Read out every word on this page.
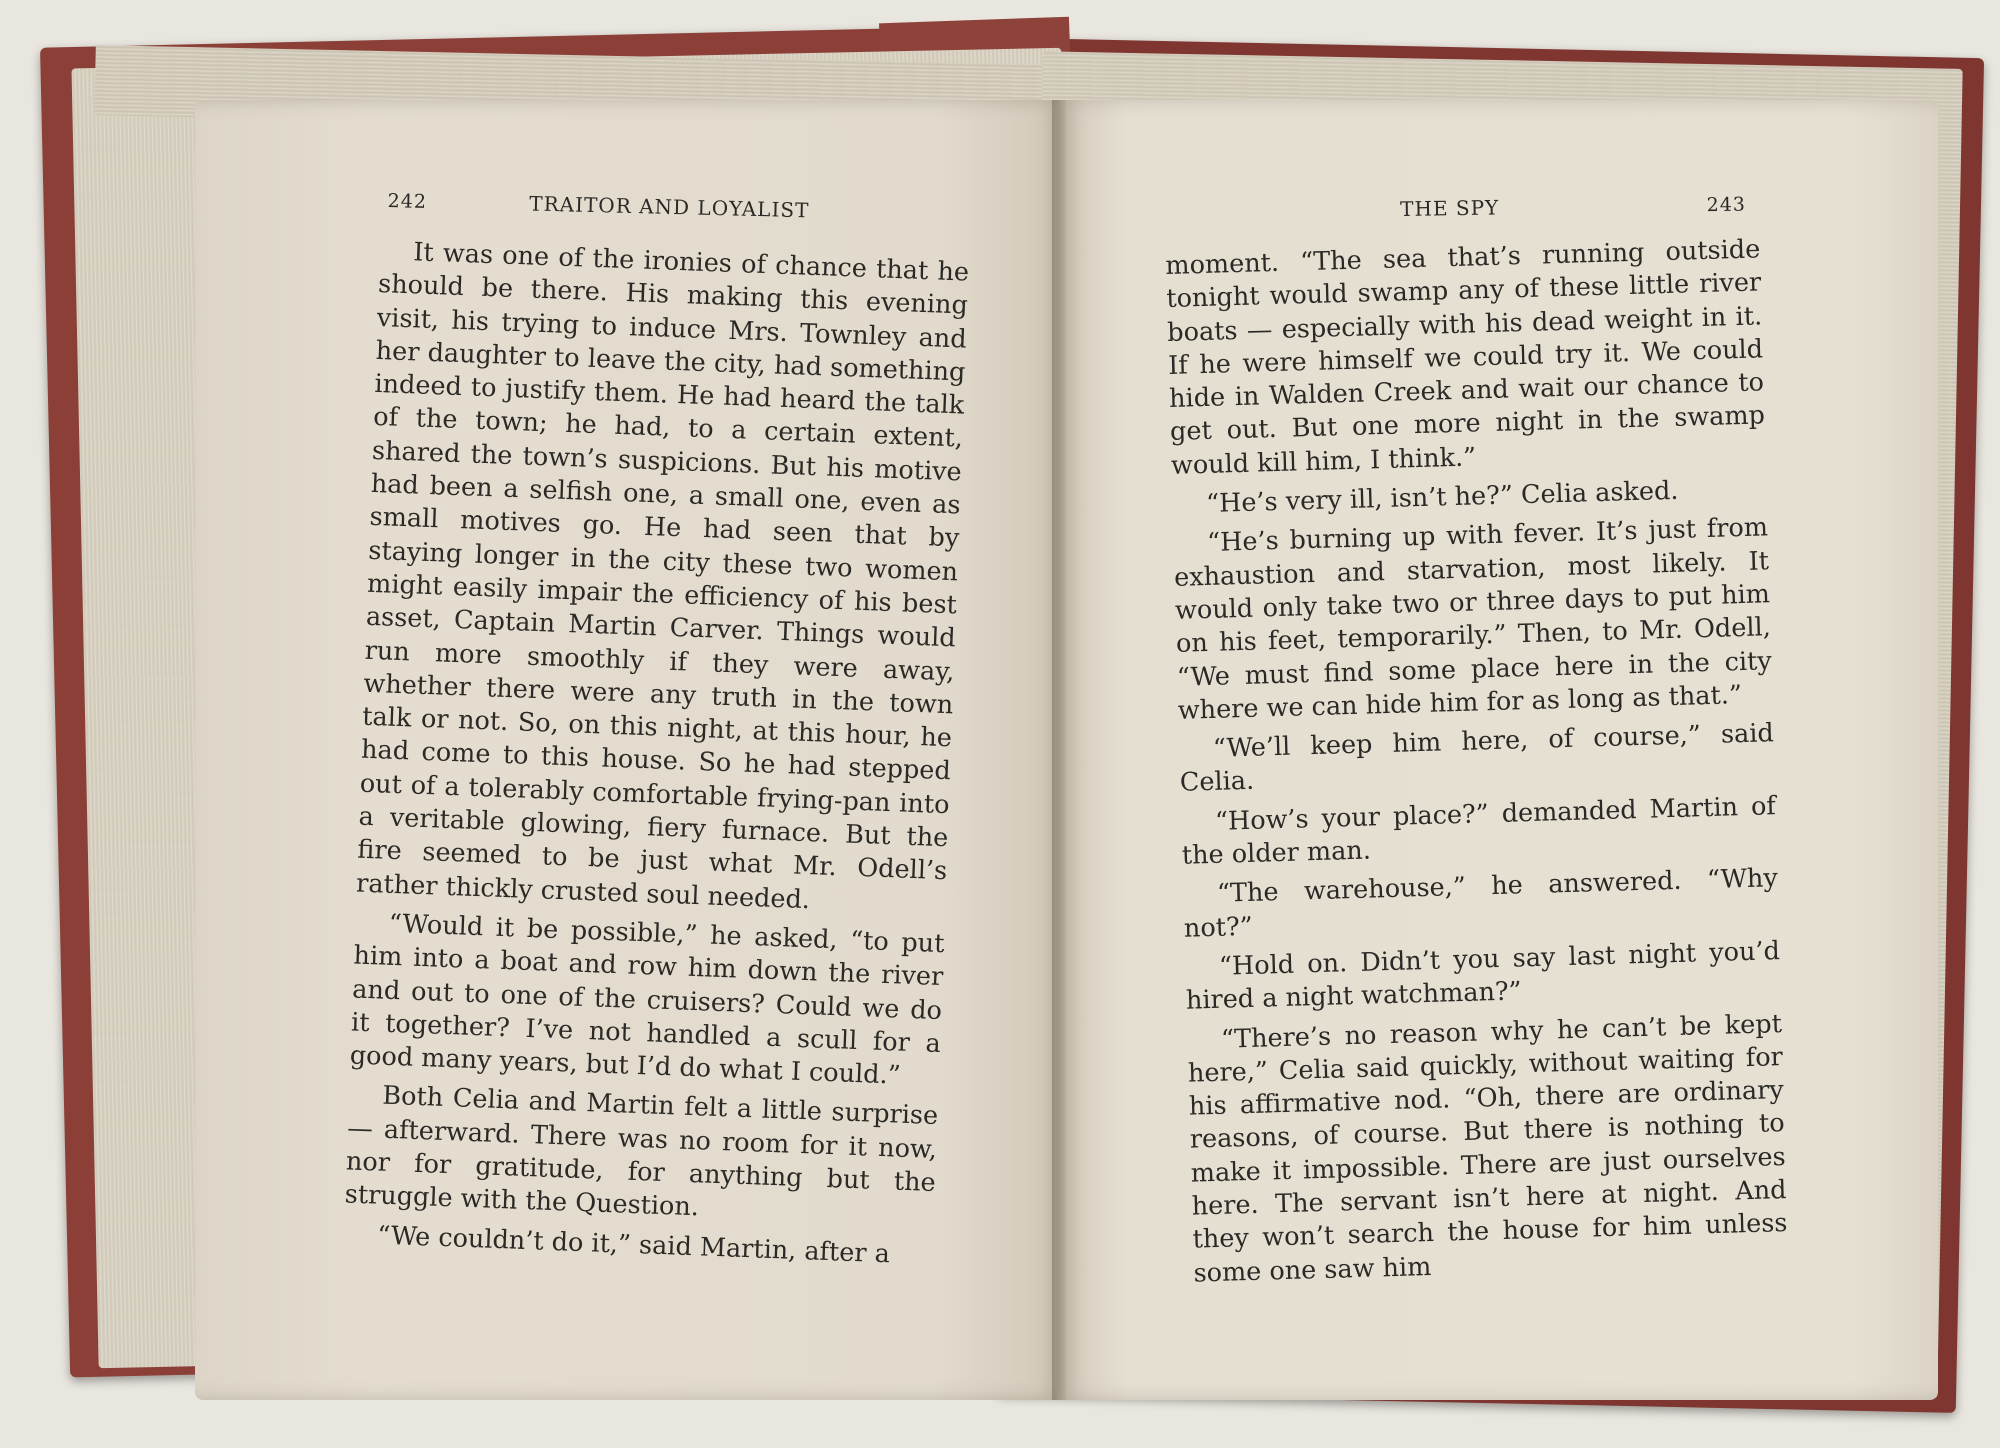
242	TRAITOR AND LOYALIST

It was one of the ironies of chance that he should be there. His making this evening visit, his trying to induce Mrs. Townley and her daughter to leave the city, had something indeed to justify them. He had heard the talk of the town; he had, to a certain extent, shared the town’s suspicions. But his motive had been a selfish one, a small one, even as small motives go. He had seen that by staying longer in the city these two women might easily impair the efficiency of his best asset, Captain Martin Carver. Things would run more smoothly if they were away, whether there were any truth in the town talk or not. So, on this night, at this hour, he had come to this house. So he had stepped out of a tolerably comfortable frying-pan into a veritable glowing, fiery furnace. But the fire seemed to be just what Mr. Odell’s rather thickly crusted soul needed.

“Would it be possible,” he asked, “to put him into a boat and row him down the river and out to one of the cruisers? Could we do it together? I’ve not handled a scull for a good many years, but I’d do what I could.”

Both Celia and Martin felt a little surprise — afterward. There was no room for it now, nor for gratitude, for anything but the struggle with the Question.

“We couldn’t do it,” said Martin, after a

THE SPY	243

moment. “The sea that’s running outside tonight would swamp any of these little river boats — especially with his dead weight in it. If he were himself we could try it. We could hide in Walden Creek and wait our chance to get out. But one more night in the swamp would kill him, I think.”

“He’s very ill, isn’t he?” Celia asked.

“He’s burning up with fever. It’s just from exhaustion and starvation, most likely. It would only take two or three days to put him on his feet, temporarily.” Then, to Mr. Odell, “We must find some place here in the city where we can hide him for as long as that.”

“We’ll keep him here, of course,” said Celia.

“How’s your place?” demanded Martin of the older man.

“The warehouse,” he answered. “Why not?”

“Hold on. Didn’t you say last night you’d hired a night watchman?”

“There’s no reason why he can’t be kept here,” Celia said quickly, without waiting for his affirmative nod. “Oh, there are ordinary reasons, of course. But there is nothing to make it impossible. There are just ourselves here. The servant isn’t here at night. And they won’t search the house for him unless some one saw him
